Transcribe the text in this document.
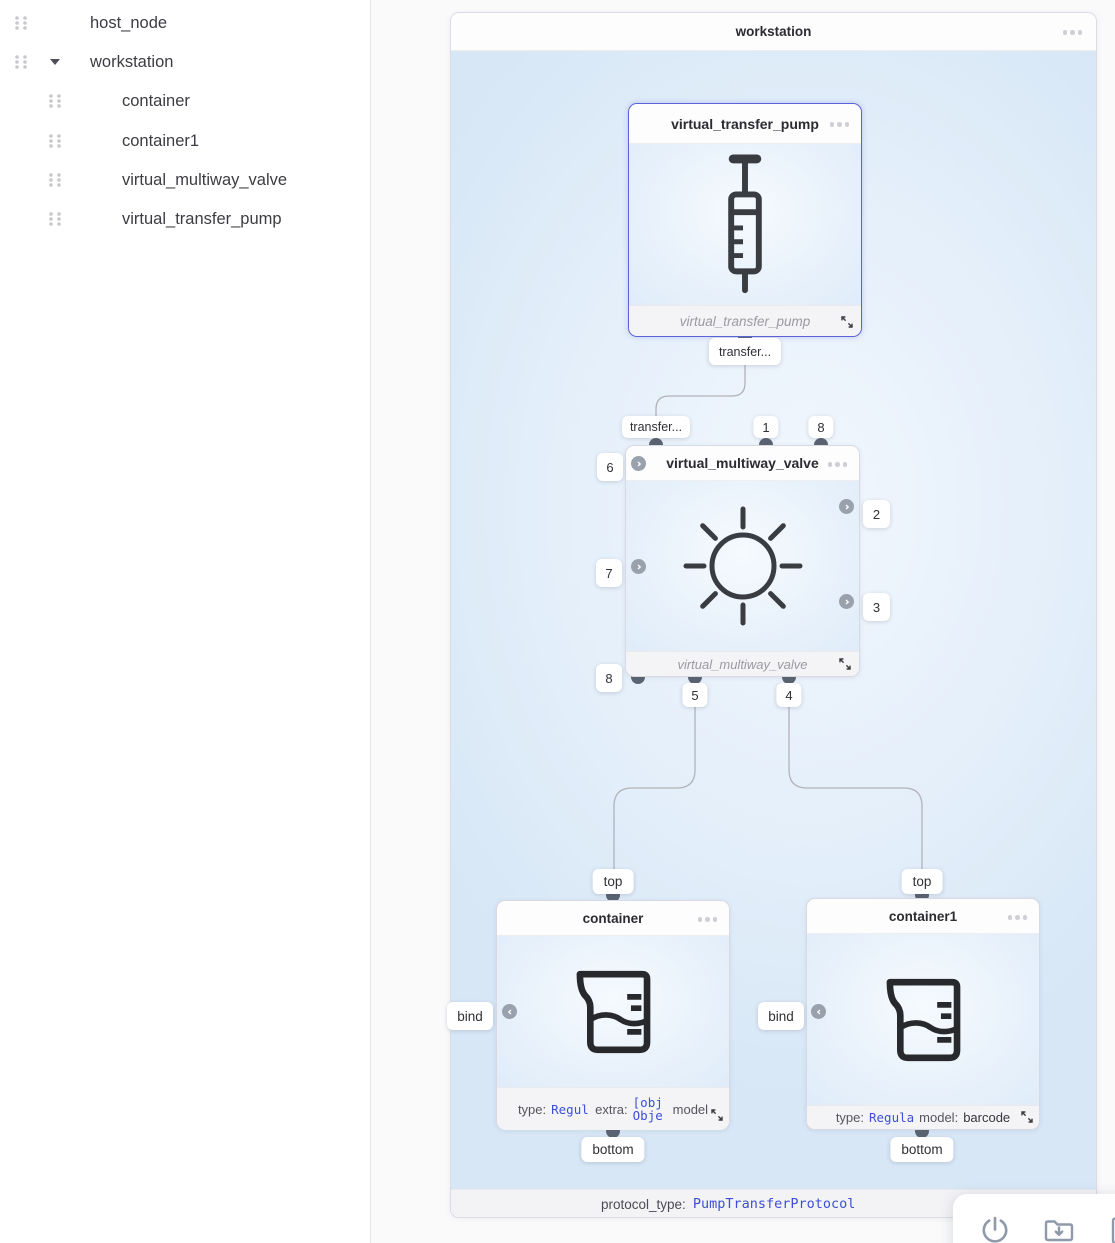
host_node
workstation
container
container1
virtual_multiway_valve
virtual_transfer_pump
workstation
protocol_type: PumpTransferProtocol
virtual_transfer_pump
virtual_transfer_pump
transfer...
virtual_multiway_valve
virtual_multiway_valve
transfer...	1	8
6
7
8
2
3
5	4
container
type: Regul extra: [obj
Obje model
top
bind
bottom
container1
type: Regula model: barcode
top
bind
bottom
